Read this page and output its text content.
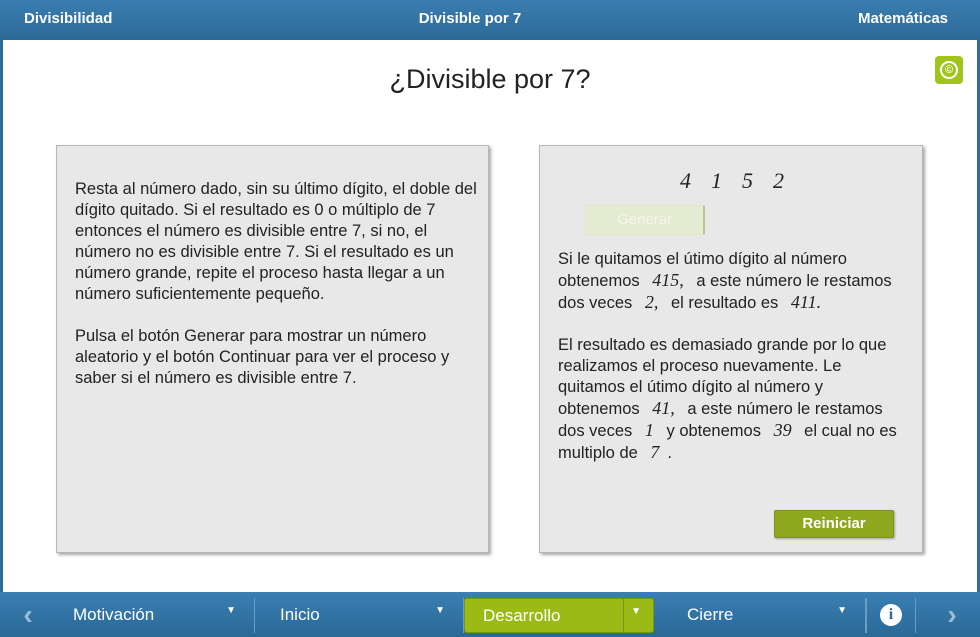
Divisibilidad	Divisible por 7	Matemáticas
¿Divisible por 7?	©

Resta al número dado, sin su último dígito, el doble del dígito quitado. Si el resultado es 0 o múltiplo de 7 entonces el número es divisible entre 7, si no, el número no es divisible entre 7. Si el resultado es un número grande, repite el proceso hasta llegar a un número suficientemente pequeño.

Pulsa el botón Generar para mostrar un número aleatorio y el botón Continuar para ver el proceso y saber si el número es divisible entre 7.

4 1 5 2
Generar

Si le quitamos el útimo dígito al número obtenemos 415, a este número le restamos dos veces 2, el resultado es 411.

El resultado es demasiado grande por lo que realizamos el proceso nuevamente. Le quitamos el útimo dígito al número y obtenemos 41, a este número le restamos dos veces 1 y obtenemos 39 el cual no es multiplo de 7 .

Reiniciar
‹	Motivación	▼	Inicio	▼ Desarrollo	▼	Cierre	▼	i	›
